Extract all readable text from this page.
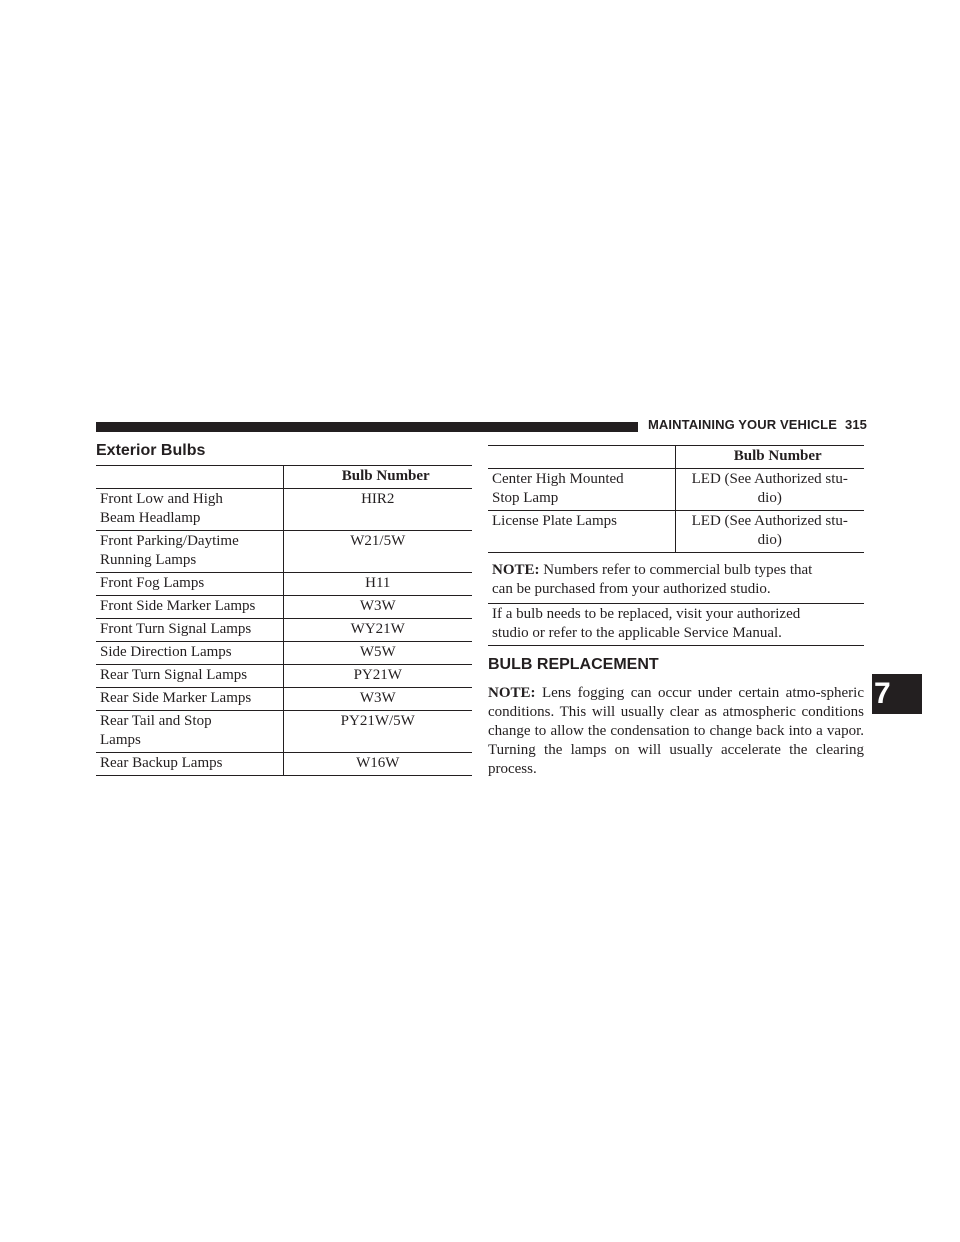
MAINTAINING YOUR VEHICLE 315
Exterior Bulbs
	Bulb Number
Front Low and High
Beam Headlamp	HIR2
Front Parking/Daytime
Running Lamps	W21/5W
Front Fog Lamps	H11
Front Side Marker Lamps	W3W
Front Turn Signal Lamps	WY21W
Side Direction Lamps	W5W
Rear Turn Signal Lamps	PY21W
Rear Side Marker Lamps	W3W
Rear Tail and Stop
Lamps	PY21W/5W
Rear Backup Lamps	W16W
	Bulb Number
Center High Mounted
Stop Lamp	LED (See Authorized stu-
dio)
License Plate Lamps	LED (See Authorized stu-
dio)
NOTE: Numbers refer to commercial bulb types that
can be purchased from your authorized studio.	
If a bulb needs to be replaced, visit your authorized
studio or refer to the applicable Service Manual.	
BULB REPLACEMENT
NOTE: Lens fogging can occur under certain atmo-spheric conditions. This will usually clear as atmospheric conditions change to allow the condensation to change back into a vapor. Turning the lamps on will usually accelerate the clearing process.
7
